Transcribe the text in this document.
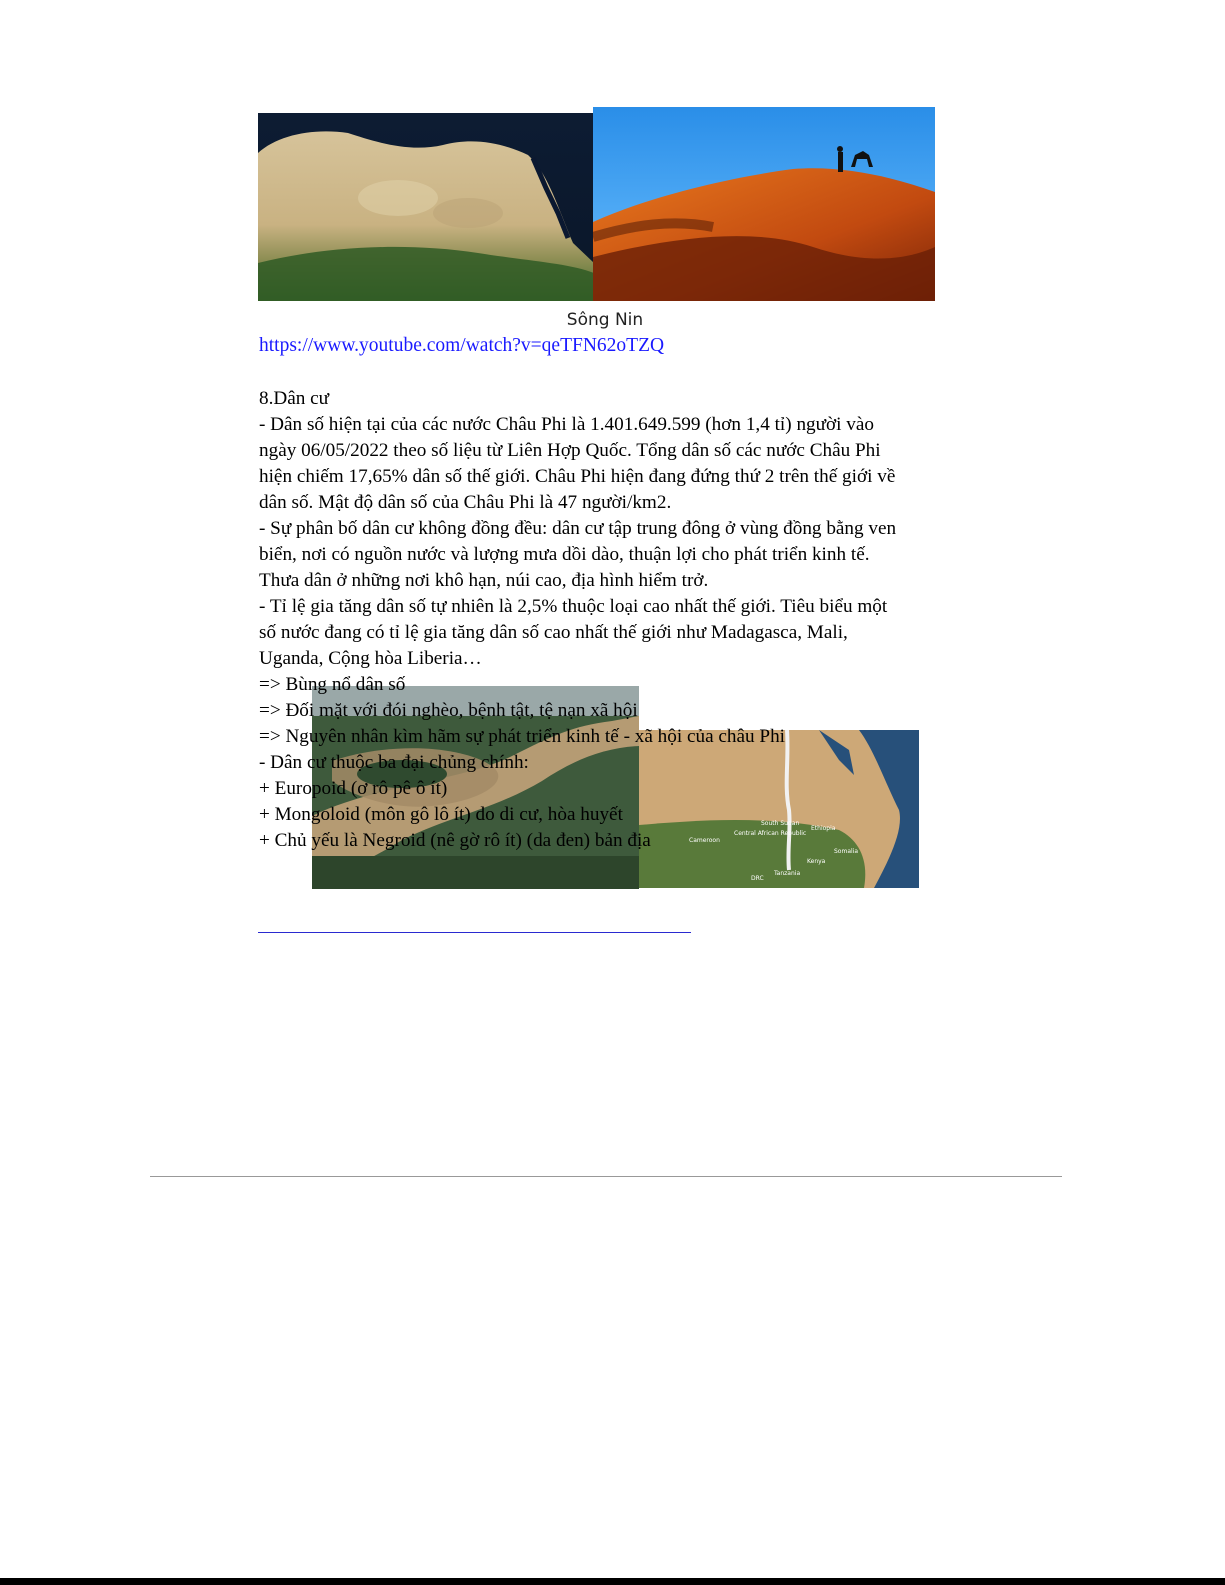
Central African Republic
Cameroon
Ethiopia
Somalia
Kenya
DRC
Tanzania
South Sudan
Sông Nin
https://www.youtube.com/watch?v=qeTFN62oTZQ
8.Dân cư
- Dân số hiện tại của các nước Châu Phi là 1.401.649.599 (hơn 1,4 tỉ) người vào
ngày 06/05/2022 theo số liệu từ Liên Hợp Quốc. Tổng dân số các nước Châu Phi
hiện chiếm 17,65% dân số thế giới. Châu Phi hiện đang đứng thứ 2 trên thế giới về
dân số. Mật độ dân số của Châu Phi là 47 người/km2.
- Sự phân bố dân cư không đồng đều: dân cư tập trung đông ở vùng đồng bằng ven
biển, nơi có nguồn nước và lượng mưa dồi dào, thuận lợi cho phát triển kinh tế.
Thưa dân ở những nơi khô hạn, núi cao, địa hình hiểm trở.
- Tỉ lệ gia tăng dân số tự nhiên là 2,5% thuộc loại cao nhất thế giới. Tiêu biểu một
số nước đang có tỉ lệ gia tăng dân số cao nhất thế giới như Madagasca, Mali,
Uganda, Cộng hòa Liberia…
=> Bùng nổ dân số
=> Đối mặt với đói nghèo, bệnh tật, tệ nạn xã hội
=> Nguyên nhân kìm hãm sự phát triển kinh tế - xã hội của châu Phi
- Dân cư thuộc ba đại chủng chính:
+ Europoid (ơ rô pê ô ít)
+ Mongoloid (môn gô lô ít) do di cư, hòa huyết
+ Chủ yếu là Negroid (nê gờ rô ít) (da đen) bản địa
